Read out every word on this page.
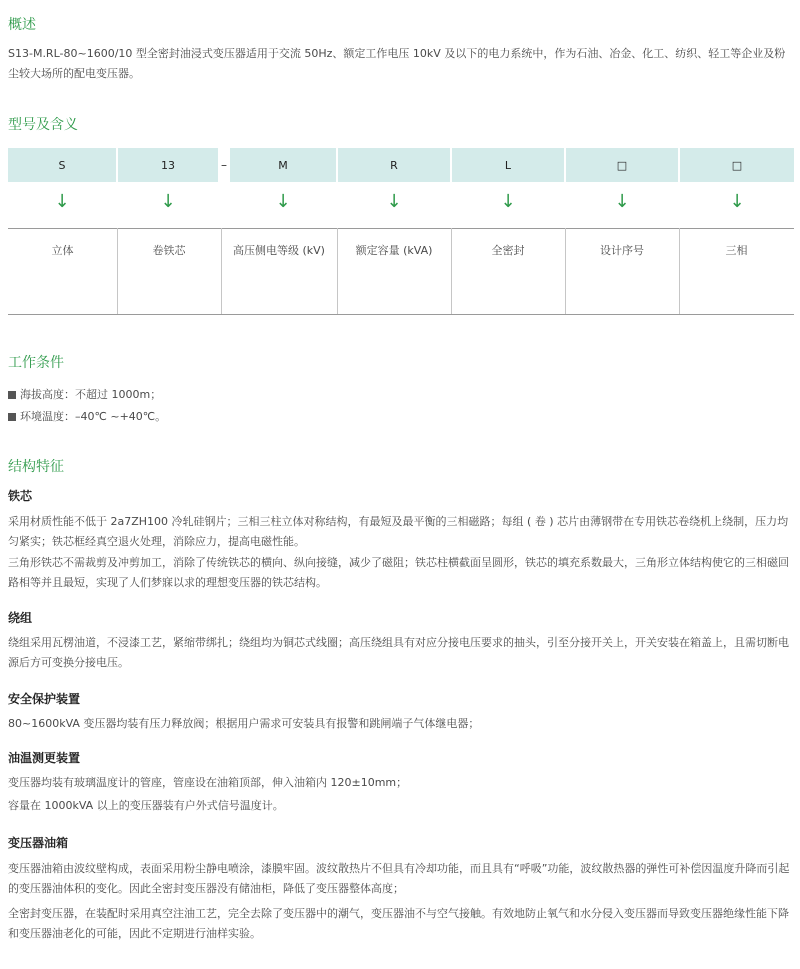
概述
S13-M.RL-80~1600/10 型全密封油浸式变压器适用于交流 50Hz、额定工作电压 10kV 及以下的电力系统中，作为石油、冶金、化工、纺织、轻工等企业及粉尘较大场所的配电变压器。
型号及含义
S	13	–	M	R	L	□	□
↓	↓	↓	↓	↓	↓	↓
立体	卷铁芯	高压侧电等级 (kV)	额定容量 (kVA)	全密封	设计序号	三相
工作条件
海拔高度：不超过 1000m；
环境温度：–40℃ ~+40℃。
结构特征
铁芯
采用材质性能不低于 2a7ZH100 冷轧硅钢片；三相三柱立体对称结构，有最短及最平衡的三相磁路；每组 ( 卷 ) 芯片由薄钢带在专用铁芯卷绕机上绕制，压力均匀紧实；铁芯框经真空退火处理，消除应力，提高电磁性能。
三角形铁芯不需裁剪及冲剪加工，消除了传统铁芯的横向、纵向接缝，减少了磁阻；铁芯柱横截面呈圆形，铁芯的填充系数最大，三角形立体结构使它的三相磁回路相等并且最短，实现了人们梦寐以求的理想变压器的铁芯结构。
绕组
绕组采用瓦楞油道，不浸漆工艺，紧缩带绑扎；绕组均为铜芯式线圈；高压绕组具有对应分接电压要求的抽头，引至分接开关上，开关安装在箱盖上，且需切断电源后方可变换分接电压。
安全保护装置
80~1600kVA 变压器均装有压力释放阀；根据用户需求可安装具有报警和跳闸端子气体继电器；
油温测更装置
变压器均装有玻璃温度计的管座，管座设在油箱顶部，伸入油箱内 120±10mm；
容量在 1000kVA 以上的变压器装有户外式信号温度计。
变压器油箱
变压器油箱由波纹壁构成，表面采用粉尘静电喷涂，漆膜牢固。波纹散热片不但具有冷却功能，而且具有“呼吸”功能，波纹散热器的弹性可补偿因温度升降而引起的变压器油体积的变化。因此全密封变压器没有储油柜，降低了变压器整体高度；
全密封变压器，在装配时采用真空注油工艺，完全去除了变压器中的潮气，变压器油不与空气接触。有效地防止氧气和水分侵入变压器而导致变压器绝缘性能下降和变压器油老化的可能，因此不定期进行油样实验。
